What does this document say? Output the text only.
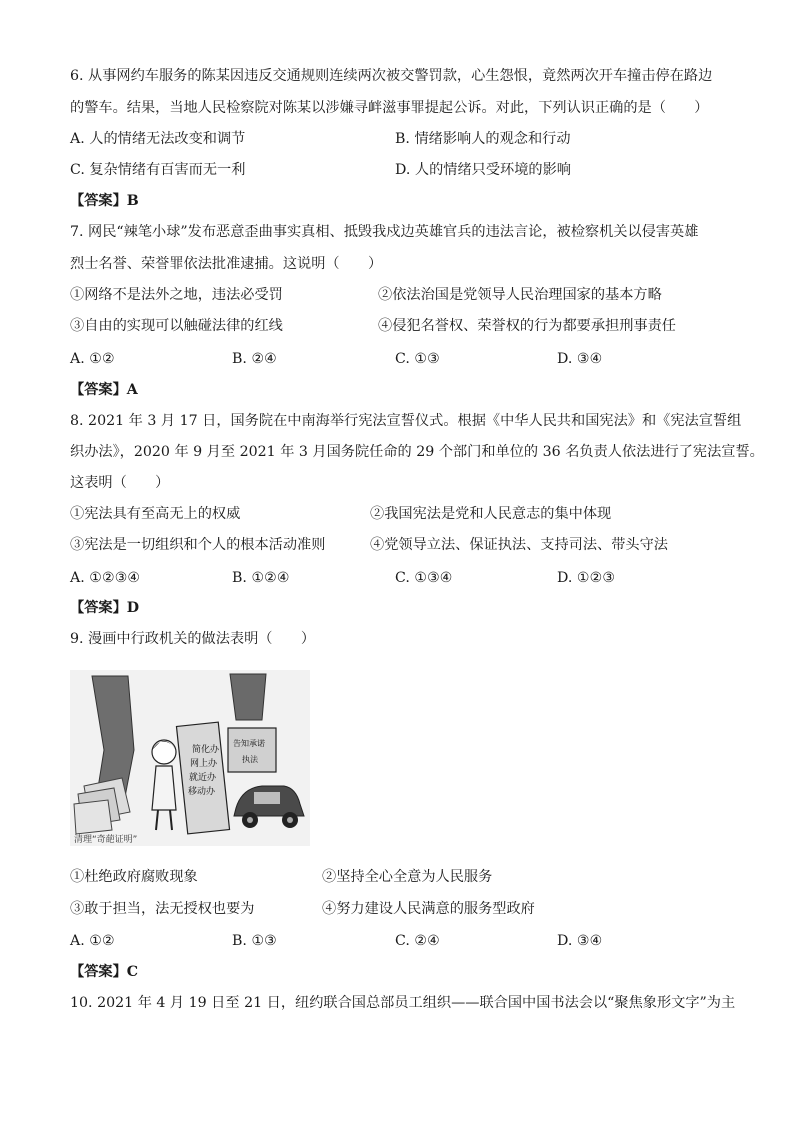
6. 从事网约车服务的陈某因违反交通规则连续两次被交警罚款，心生怨恨，竟然两次开车撞击停在路边
的警车。结果，当地人民检察院对陈某以涉嫌寻衅滋事罪提起公诉。对此，下列认识正确的是（　　）
A. 人的情绪无法改变和调节	B. 情绪影响人的观念和行动
C. 复杂情绪有百害而无一利	D. 人的情绪只受环境的影响
【答案】B
7. 网民“辣笔小球”发布恶意歪曲事实真相、抵毁我戍边英雄官兵的违法言论，被检察机关以侵害英雄
烈士名誉、荣誉罪依法批准逮捕。这说明（　　）
①网络不是法外之地，违法必受罚	②依法治国是党领导人民治理国家的基本方略
③自由的实现可以触碰法律的红线	④侵犯名誉权、荣誉权的行为都要承担刑事责任
A. ①②	B. ②④	C. ①③	D. ③④
【答案】A
8. 2021 年 3 月 17 日，国务院在中南海举行宪法宣誓仪式。根据《中华人民共和国宪法》和《宪法宣誓组
织办法》，2020 年 9 月至 2021 年 3 月国务院任命的 29 个部门和单位的 36 名负责人依法进行了宪法宣誓。
这表明（　　）
①宪法具有至高无上的权威	②我国宪法是党和人民意志的集中体现
③宪法是一切组织和个人的根本活动准则	④党领导立法、保证执法、支持司法、带头守法
A. ①②③④	B. ①②④	C. ①③④	D. ①②③
【答案】D
9. 漫画中行政机关的做法表明（　　）
简化办
网上办
就近办
移动办
告知承诺
执法
清理“奇葩证明”
①杜绝政府腐败现象	②坚持全心全意为人民服务
③敢于担当，法无授权也要为	④努力建设人民满意的服务型政府
A. ①②	B. ①③	C. ②④	D. ③④
【答案】C
10. 2021 年 4 月 19 日至 21 日，纽约联合国总部员工组织——联合国中国书法会以“聚焦象形文字”为主
